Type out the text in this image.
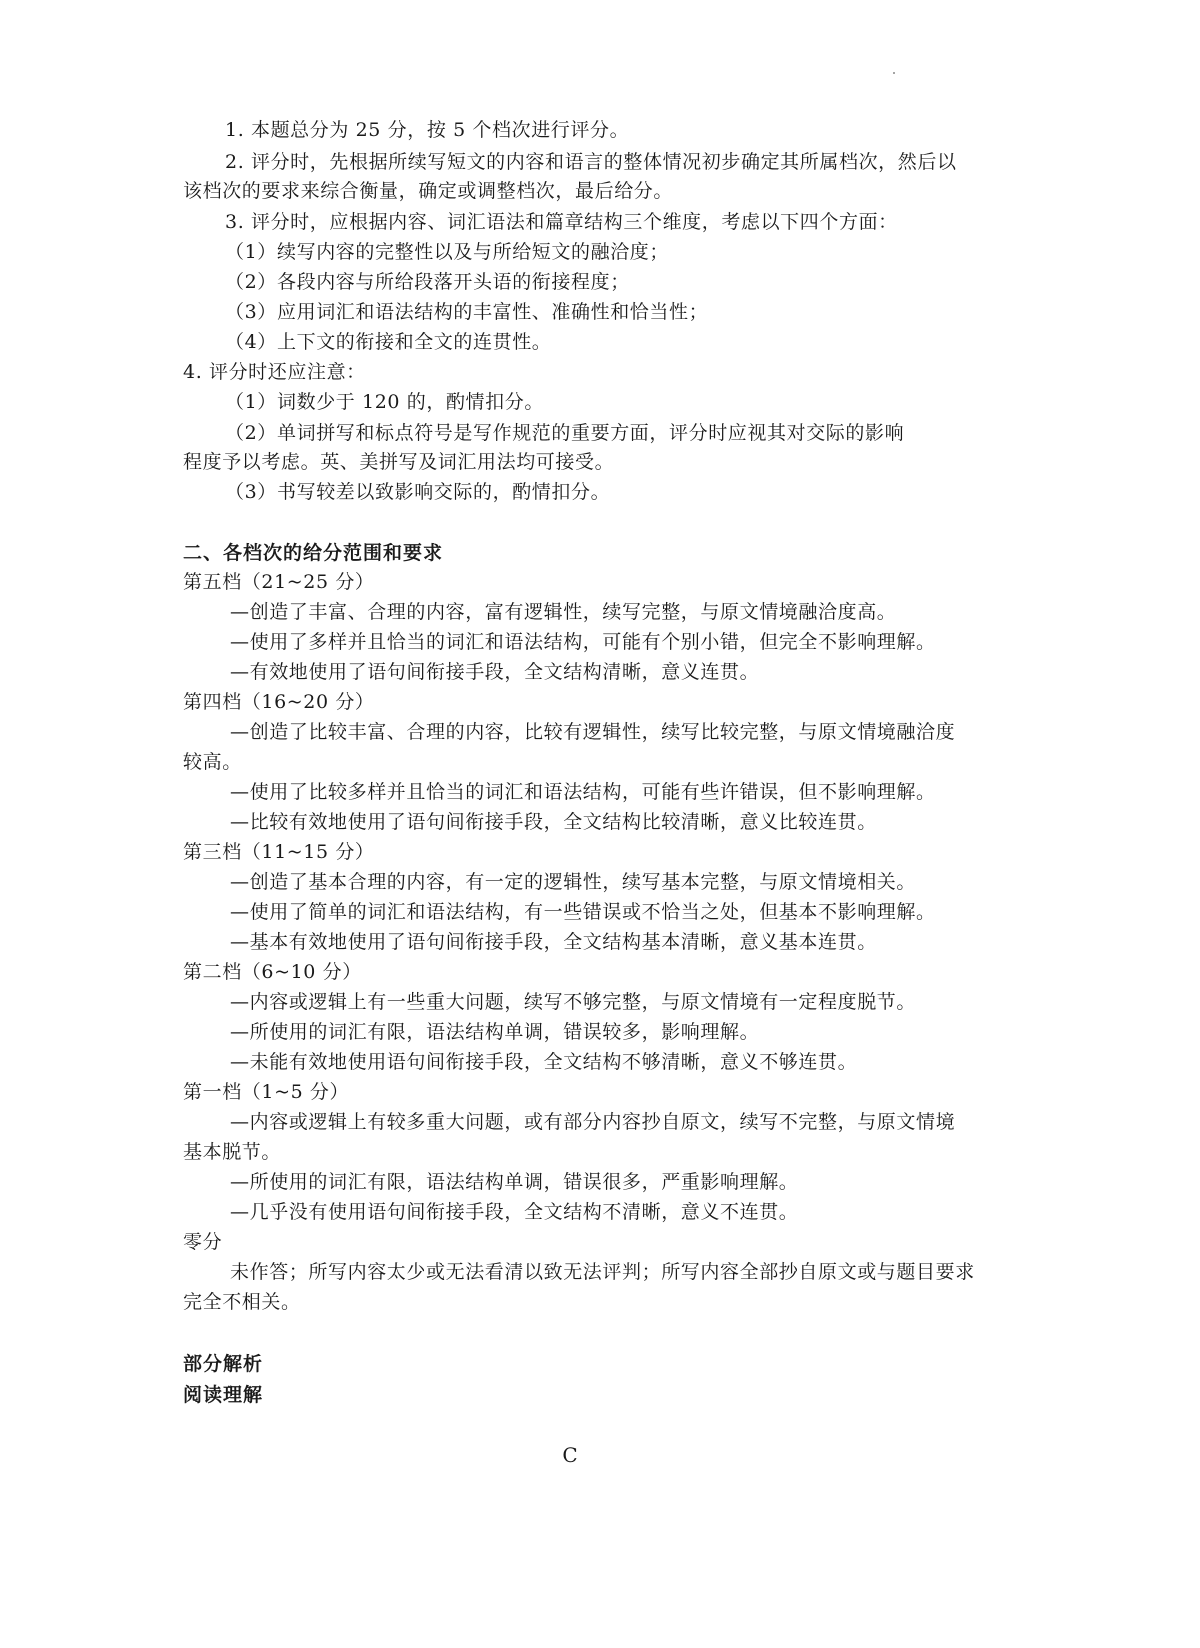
1. 本题总分为 25 分，按 5 个档次进行评分。
2. 评分时，先根据所续写短文的内容和语言的整体情况初步确定其所属档次，然后以
该档次的要求来综合衡量，确定或调整档次，最后给分。
3. 评分时，应根据内容、词汇语法和篇章结构三个维度，考虑以下四个方面：
（1）续写内容的完整性以及与所给短文的融洽度；
（2）各段内容与所给段落开头语的衔接程度；
（3）应用词汇和语法结构的丰富性、准确性和恰当性；
（4）上下文的衔接和全文的连贯性。
4. 评分时还应注意：
（1）词数少于 120 的，酌情扣分。
（2）单词拼写和标点符号是写作规范的重要方面，评分时应视其对交际的影响
程度予以考虑。英、美拼写及词汇用法均可接受。
（3）书写较差以致影响交际的，酌情扣分。
二、各档次的给分范围和要求
第五档（21~25 分）
—创造了丰富、合理的内容，富有逻辑性，续写完整，与原文情境融洽度高。
—使用了多样并且恰当的词汇和语法结构，可能有个别小错，但完全不影响理解。
—有效地使用了语句间衔接手段，全文结构清晰，意义连贯。
第四档（16~20 分）
—创造了比较丰富、合理的内容，比较有逻辑性，续写比较完整，与原文情境融洽度
较高。
—使用了比较多样并且恰当的词汇和语法结构，可能有些许错误，但不影响理解。
—比较有效地使用了语句间衔接手段，全文结构比较清晰，意义比较连贯。
第三档（11~15 分）
—创造了基本合理的内容，有一定的逻辑性，续写基本完整，与原文情境相关。
—使用了简单的词汇和语法结构，有一些错误或不恰当之处，但基本不影响理解。
—基本有效地使用了语句间衔接手段，全文结构基本清晰，意义基本连贯。
第二档（6~10 分）
—内容或逻辑上有一些重大问题，续写不够完整，与原文情境有一定程度脱节。
—所使用的词汇有限，语法结构单调，错误较多，影响理解。
—未能有效地使用语句间衔接手段，全文结构不够清晰，意义不够连贯。
第一档（1~5 分）
—内容或逻辑上有较多重大问题，或有部分内容抄自原文，续写不完整，与原文情境
基本脱节。
—所使用的词汇有限，语法结构单调，错误很多，严重影响理解。
—几乎没有使用语句间衔接手段，全文结构不清晰，意义不连贯。
零分
未作答；所写内容太少或无法看清以致无法评判；所写内容全部抄自原文或与题目要求
完全不相关。
部分解析
阅读理解
C
